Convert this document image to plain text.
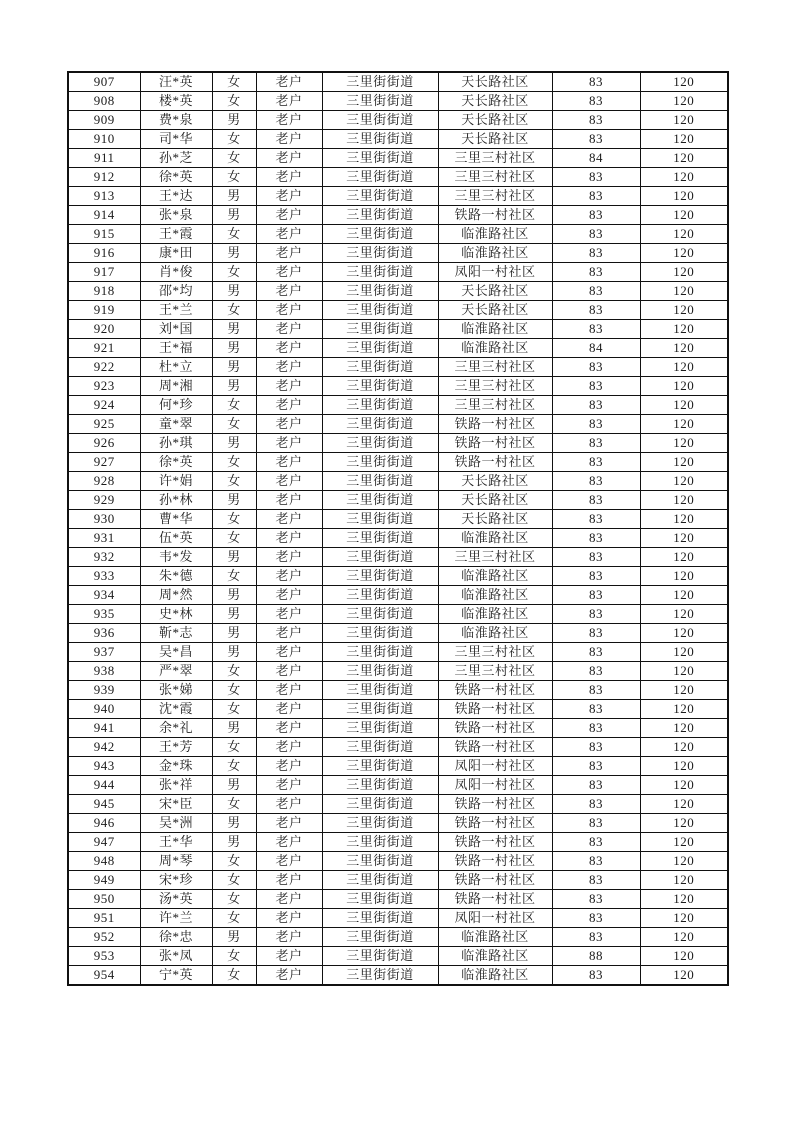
907	汪*英	女	老户	三里街街道	天长路社区	83	120
908	楼*英	女	老户	三里街街道	天长路社区	83	120
909	费*泉	男	老户	三里街街道	天长路社区	83	120
910	司*华	女	老户	三里街街道	天长路社区	83	120
911	孙*芝	女	老户	三里街街道	三里三村社区	84	120
912	徐*英	女	老户	三里街街道	三里三村社区	83	120
913	王*达	男	老户	三里街街道	三里三村社区	83	120
914	张*泉	男	老户	三里街街道	铁路一村社区	83	120
915	王*霞	女	老户	三里街街道	临淮路社区	83	120
916	康*田	男	老户	三里街街道	临淮路社区	83	120
917	肖*俊	女	老户	三里街街道	凤阳一村社区	83	120
918	邵*均	男	老户	三里街街道	天长路社区	83	120
919	王*兰	女	老户	三里街街道	天长路社区	83	120
920	刘*国	男	老户	三里街街道	临淮路社区	83	120
921	王*福	男	老户	三里街街道	临淮路社区	84	120
922	杜*立	男	老户	三里街街道	三里三村社区	83	120
923	周*湘	男	老户	三里街街道	三里三村社区	83	120
924	何*珍	女	老户	三里街街道	三里三村社区	83	120
925	童*翠	女	老户	三里街街道	铁路一村社区	83	120
926	孙*琪	男	老户	三里街街道	铁路一村社区	83	120
927	徐*英	女	老户	三里街街道	铁路一村社区	83	120
928	许*娟	女	老户	三里街街道	天长路社区	83	120
929	孙*林	男	老户	三里街街道	天长路社区	83	120
930	曹*华	女	老户	三里街街道	天长路社区	83	120
931	伍*英	女	老户	三里街街道	临淮路社区	83	120
932	韦*发	男	老户	三里街街道	三里三村社区	83	120
933	朱*德	女	老户	三里街街道	临淮路社区	83	120
934	周*然	男	老户	三里街街道	临淮路社区	83	120
935	史*林	男	老户	三里街街道	临淮路社区	83	120
936	靳*志	男	老户	三里街街道	临淮路社区	83	120
937	吴*昌	男	老户	三里街街道	三里三村社区	83	120
938	严*翠	女	老户	三里街街道	三里三村社区	83	120
939	张*娣	女	老户	三里街街道	铁路一村社区	83	120
940	沈*霞	女	老户	三里街街道	铁路一村社区	83	120
941	余*礼	男	老户	三里街街道	铁路一村社区	83	120
942	王*芳	女	老户	三里街街道	铁路一村社区	83	120
943	金*珠	女	老户	三里街街道	凤阳一村社区	83	120
944	张*祥	男	老户	三里街街道	凤阳一村社区	83	120
945	宋*臣	女	老户	三里街街道	铁路一村社区	83	120
946	吴*洲	男	老户	三里街街道	铁路一村社区	83	120
947	王*华	男	老户	三里街街道	铁路一村社区	83	120
948	周*琴	女	老户	三里街街道	铁路一村社区	83	120
949	宋*珍	女	老户	三里街街道	铁路一村社区	83	120
950	汤*英	女	老户	三里街街道	铁路一村社区	83	120
951	许*兰	女	老户	三里街街道	凤阳一村社区	83	120
952	徐*忠	男	老户	三里街街道	临淮路社区	83	120
953	张*凤	女	老户	三里街街道	临淮路社区	88	120
954	宁*英	女	老户	三里街街道	临淮路社区	83	120
